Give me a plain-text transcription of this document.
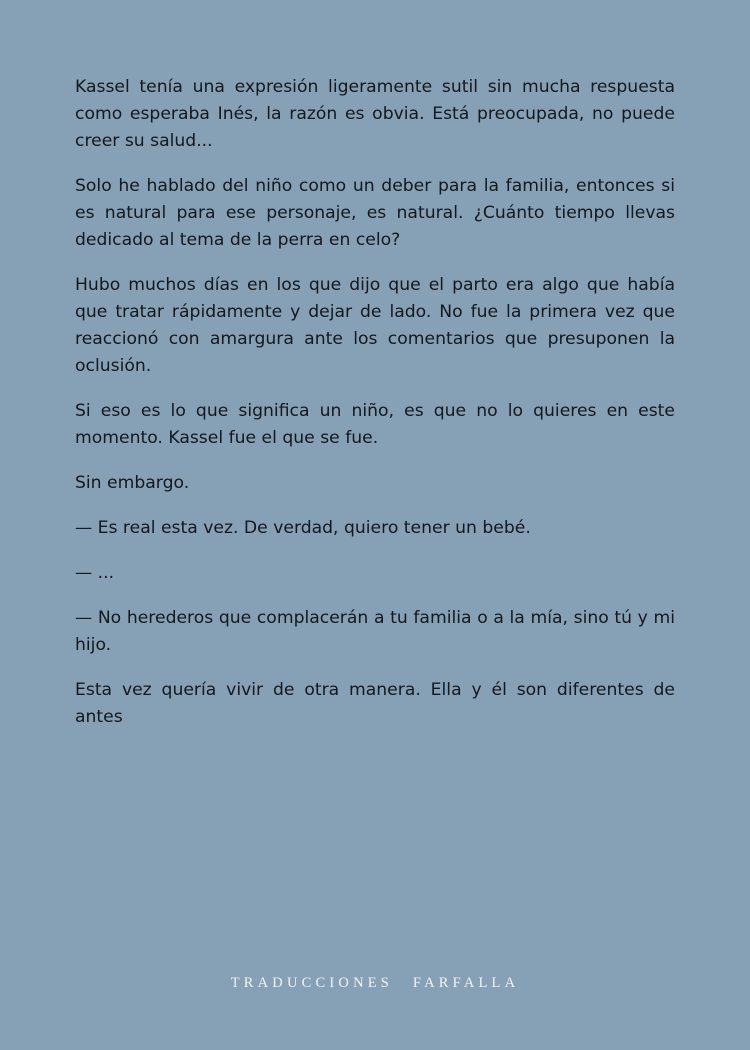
Kassel tenía una expresión ligeramente sutil sin mucha respuesta como esperaba Inés, la razón es obvia. Está preocupada, no puede creer su salud...

Solo he hablado del niño como un deber para la familia, entonces si es natural para ese personaje, es natural. ¿Cuánto tiempo llevas dedicado al tema de la perra en celo?

Hubo muchos días en los que dijo que el parto era algo que había que tratar rápidamente y dejar de lado. No fue la primera vez que reaccionó con amargura ante los comentarios que presuponen la oclusión.

Si eso es lo que significa un niño, es que no lo quieres en este momento. Kassel fue el que se fue.

Sin embargo.

— Es real esta vez. De verdad, quiero tener un bebé.

— ...

— No herederos que complacerán a tu familia o a la mía, sino tú y mi hijo.

Esta vez quería vivir de otra manera. Ella y él son diferentes de antes

TRADUCCIONES FARFALLA
